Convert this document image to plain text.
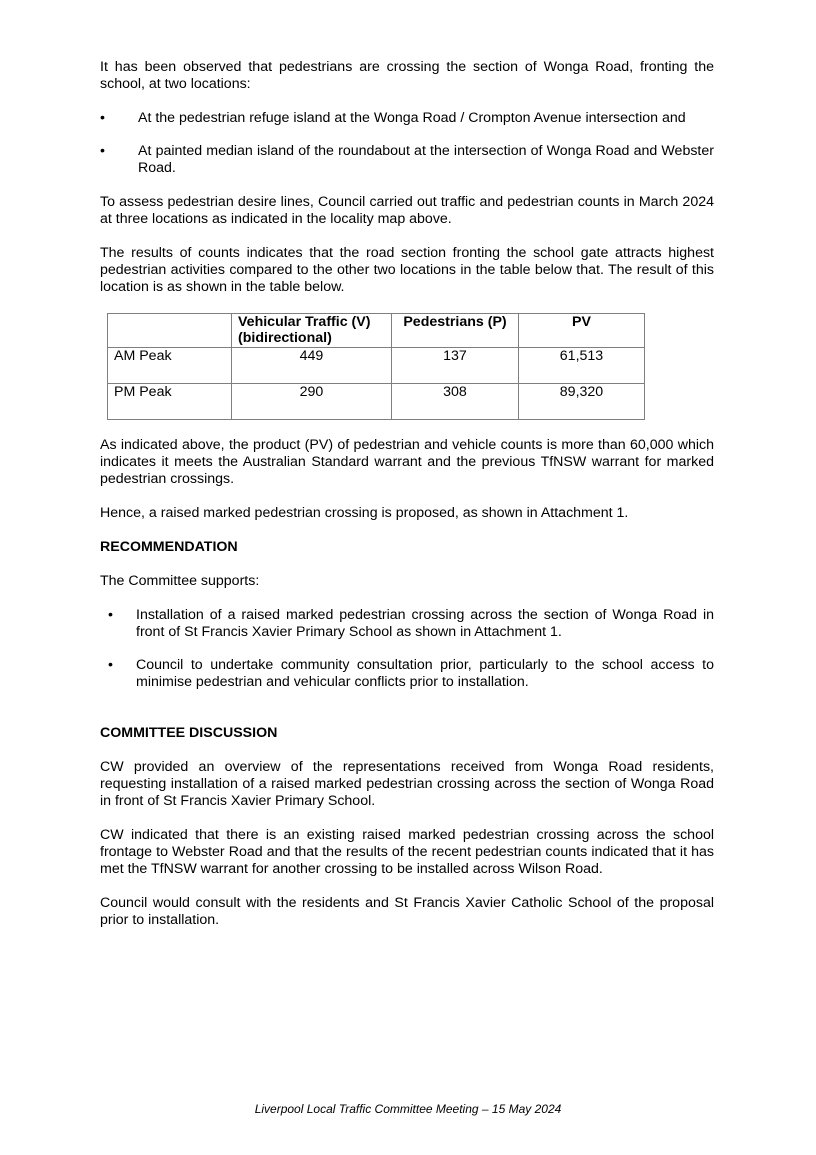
It has been observed that pedestrians are crossing the section of Wonga Road, fronting the school, at two locations:

•	At the pedestrian refuge island at the Wonga Road / Crompton Avenue intersection and
•	At painted median island of the roundabout at the intersection of Wonga Road and Webster Road.

To assess pedestrian desire lines, Council carried out traffic and pedestrian counts in March 2024 at three locations as indicated in the locality map above.

The results of counts indicates that the road section fronting the school gate attracts highest pedestrian activities compared to the other two locations in the table below that. The result of this location is as shown in the table below.

	Vehicular Traffic (V) (bidirectional)	Pedestrians (P)	PV
AM Peak	449	137	61,513
PM Peak	290	308	89,320

As indicated above, the product (PV) of pedestrian and vehicle counts is more than 60,000 which indicates it meets the Australian Standard warrant and the previous TfNSW warrant for marked pedestrian crossings.

Hence, a raised marked pedestrian crossing is proposed, as shown in Attachment 1.

RECOMMENDATION

The Committee supports:

•	Installation of a raised marked pedestrian crossing across the section of Wonga Road in front of St Francis Xavier Primary School as shown in Attachment 1.
•	Council to undertake community consultation prior, particularly to the school access to minimise pedestrian and vehicular conflicts prior to installation.

COMMITTEE DISCUSSION

CW provided an overview of the representations received from Wonga Road residents, requesting installation of a raised marked pedestrian crossing across the section of Wonga Road in front of St Francis Xavier Primary School.

CW indicated that there is an existing raised marked pedestrian crossing across the school frontage to Webster Road and that the results of the recent pedestrian counts indicated that it has met the TfNSW warrant for another crossing to be installed across Wilson Road.

Council would consult with the residents and St Francis Xavier Catholic School of the proposal prior to installation.

Liverpool Local Traffic Committee Meeting – 15 May 2024
